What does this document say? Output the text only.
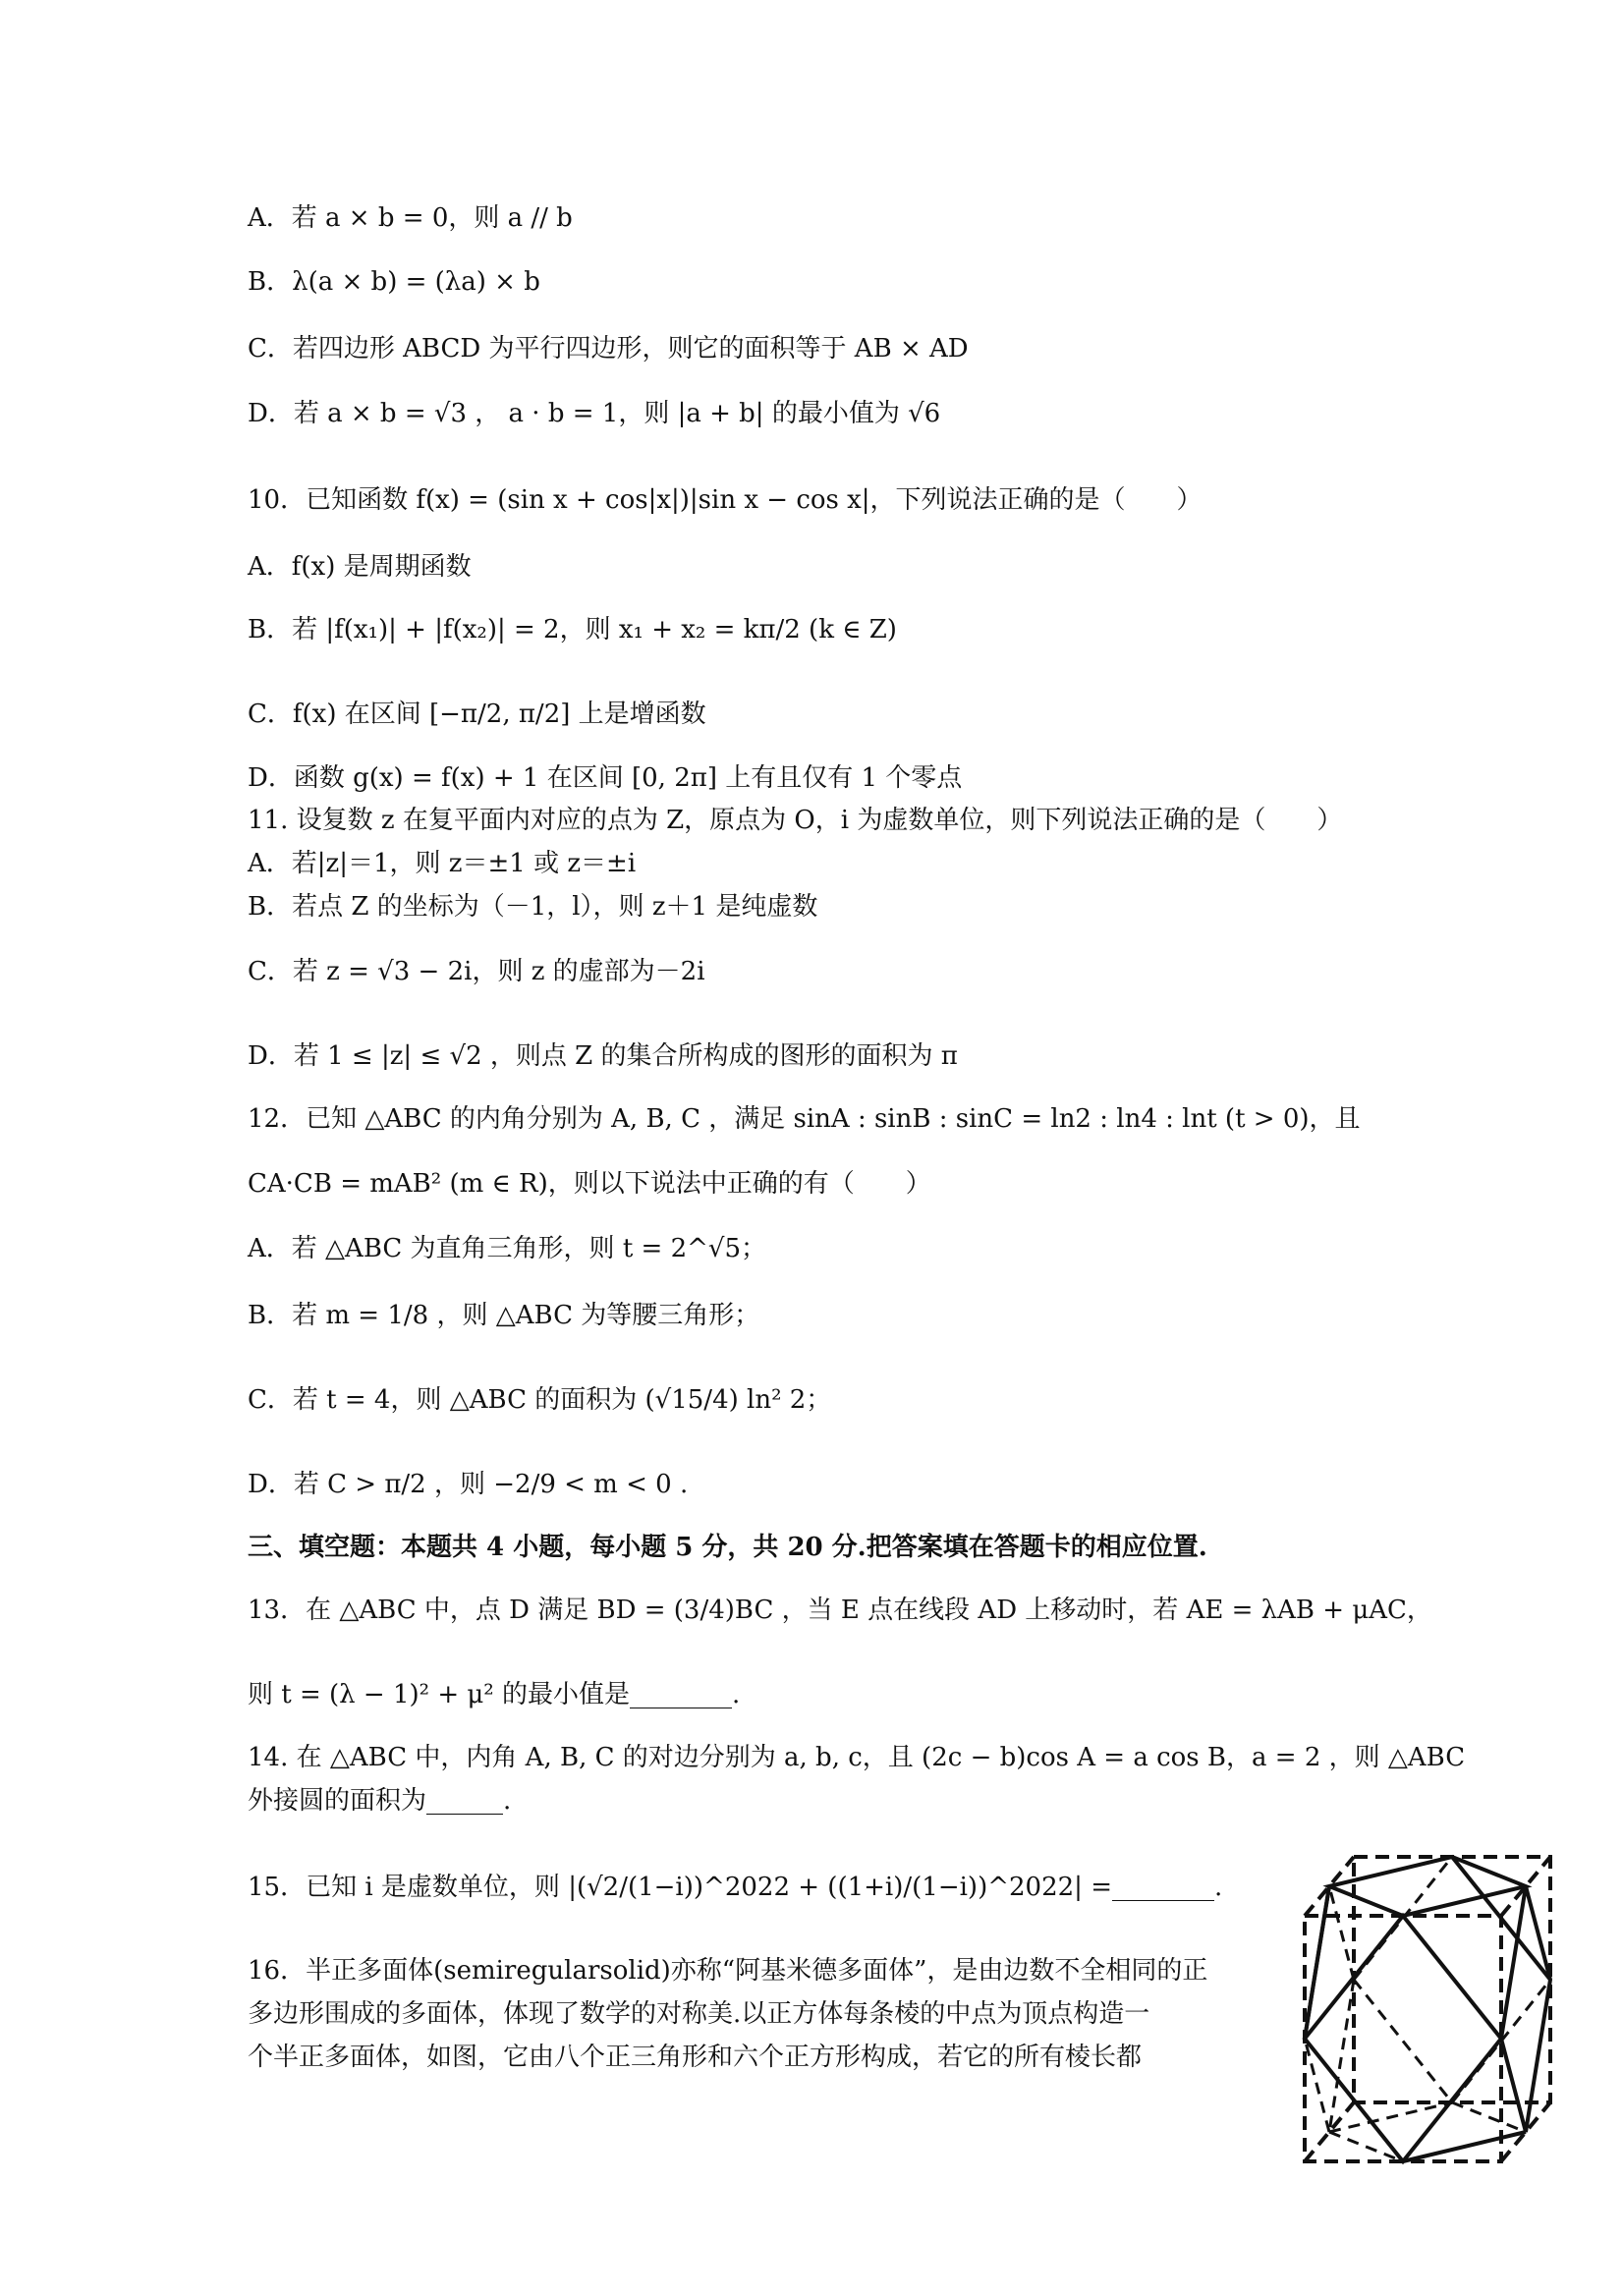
A．若 a × b = 0，则 a // b
B．λ(a × b) = (λa) × b
C．若四边形 ABCD 为平行四边形，则它的面积等于 AB × AD
D．若 a × b = √3 ， a · b = 1，则 |a + b| 的最小值为 √6
10．已知函数 f(x) = (sin x + cos|x|)|sin x − cos x|，下列说法正确的是（　　）
A．f(x) 是周期函数
B．若 |f(x₁)| + |f(x₂)| = 2，则 x₁ + x₂ = kπ/2 (k ∈ Z)
C．f(x) 在区间 [−π/2, π/2] 上是增函数
D．函数 g(x) = f(x) + 1 在区间 [0, 2π] 上有且仅有 1 个零点
11. 设复数 z 在复平面内对应的点为 Z，原点为 O，i 为虚数单位，则下列说法正确的是（　　）
A．若|z|＝1，则 z＝±1 或 z＝±i
B．若点 Z 的坐标为（－1，l），则 z＋1 是纯虚数
C．若 z = √3 − 2i，则 z 的虚部为－2i
D．若 1 ≤ |z| ≤ √2 ，则点 Z 的集合所构成的图形的面积为 π
12．已知 △ABC 的内角分别为 A, B, C ，满足 sinA : sinB : sinC = ln2 : ln4 : lnt (t > 0)，且
CA·CB = mAB² (m ∈ R)，则以下说法中正确的有（　　）
A．若 △ABC 为直角三角形，则 t = 2^√5；
B．若 m = 1/8 ，则 △ABC 为等腰三角形；
C．若 t = 4，则 △ABC 的面积为 (√15/4) ln² 2；
D．若 C > π/2 ，则 −2/9 < m < 0 .
三、填空题：本题共 4 小题，每小题 5 分，共 20 分.把答案填在答题卡的相应位置.
13．在 △ABC 中，点 D 满足 BD = (3/4)BC ，当 E 点在线段 AD 上移动时，若 AE = λAB + μAC，
则 t = (λ − 1)² + μ² 的最小值是________.
14. 在 △ABC 中，内角 A, B, C 的对边分别为 a, b, c，且 (2c − b)cos A = a cos B，a = 2 ，则 △ABC
外接圆的面积为______.
15．已知 i 是虚数单位，则 |(√2/(1−i))^2022 + ((1+i)/(1−i))^2022| =________.
16．半正多面体(semiregularsolid)亦称“阿基米德多面体”，是由边数不全相同的正
多边形围成的多面体，体现了数学的对称美.以正方体每条棱的中点为顶点构造一
个半正多面体，如图，它由八个正三角形和六个正方形构成，若它的所有棱长都
